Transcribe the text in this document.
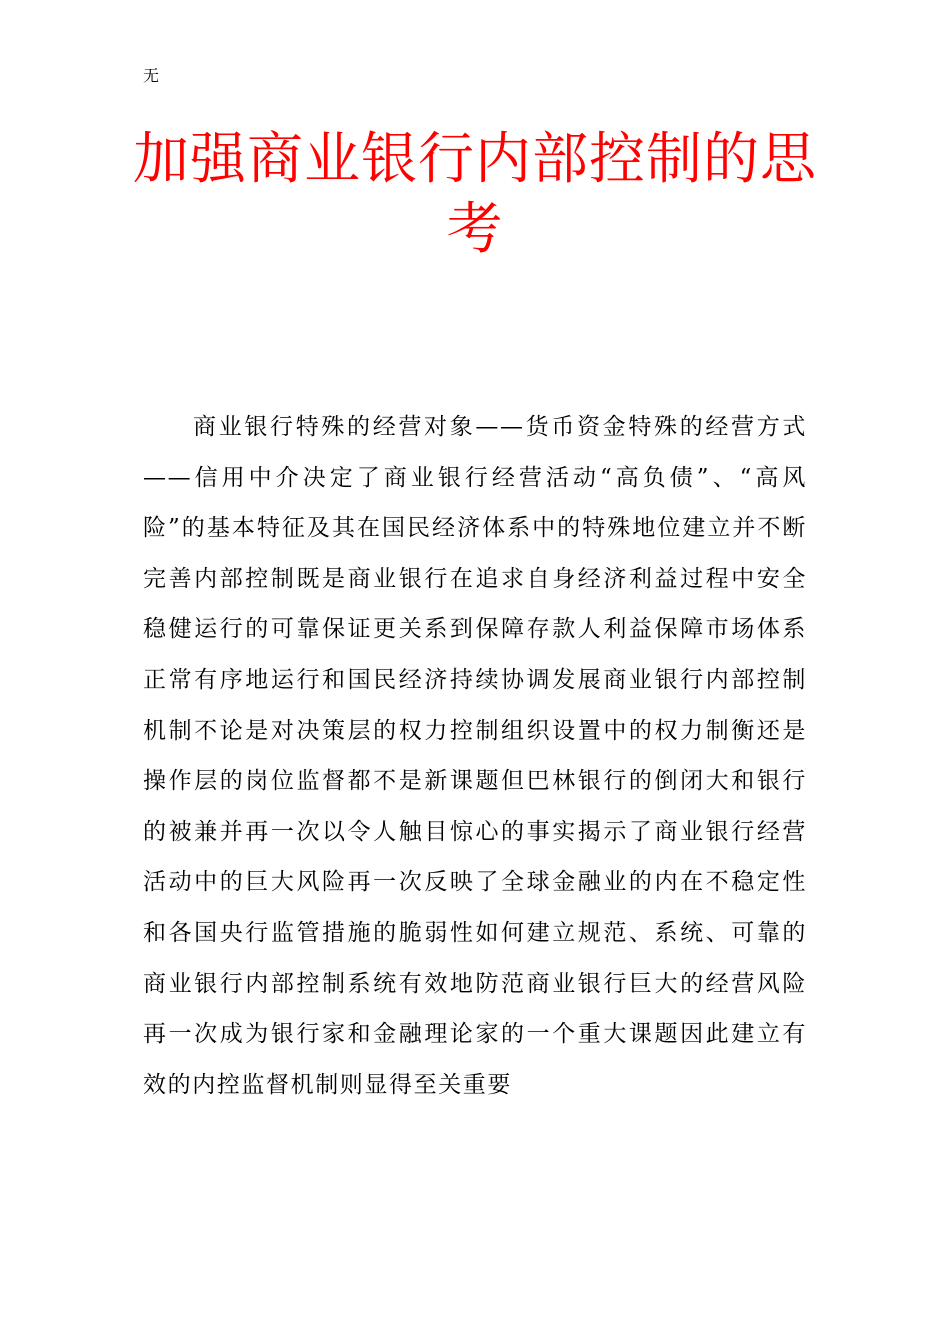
无
加强商业银行内部控制的思考

商业银行特殊的经营对象——货币资金特殊的经营方式——信用中介决定了商业银行经营活动“高负债”、“高风险”的基本特征及其在国民经济体系中的特殊地位建立并不断完善内部控制既是商业银行在追求自身经济利益过程中安全稳健运行的可靠保证更关系到保障存款人利益保障市场体系正常有序地运行和国民经济持续协调发展商业银行内部控制机制不论是对决策层的权力控制组织设置中的权力制衡还是操作层的岗位监督都不是新课题但巴林银行的倒闭大和银行的被兼并再一次以令人触目惊心的事实揭示了商业银行经营活动中的巨大风险再一次反映了全球金融业的内在不稳定性和各国央行监管措施的脆弱性如何建立规范、系统、可靠的商业银行内部控制系统有效地防范商业银行巨大的经营风险再一次成为银行家和金融理论家的一个重大课题因此建立有效的内控监督机制则显得至关重要
